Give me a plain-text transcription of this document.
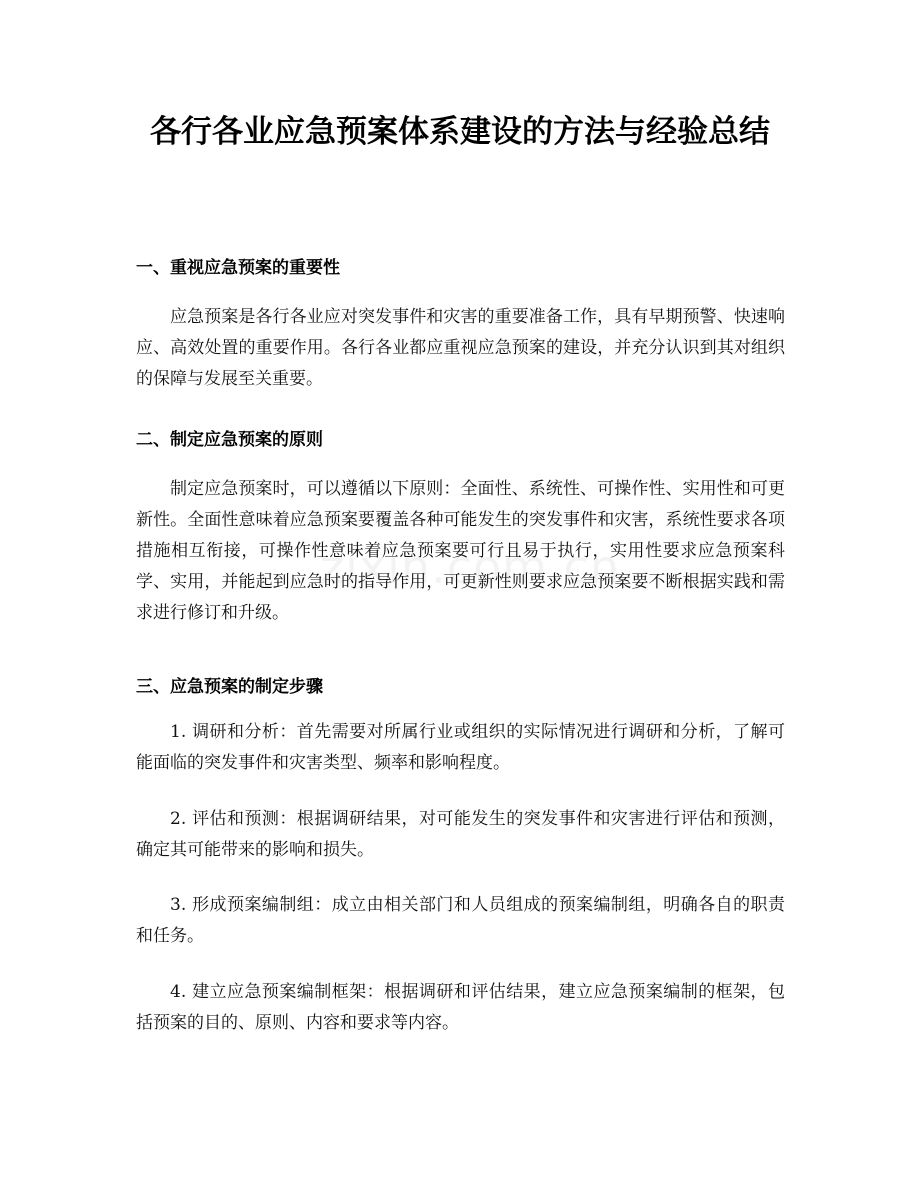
各行各业应急预案体系建设的方法与经验总结
一、重视应急预案的重要性

应急预案是各行各业应对突发事件和灾害的重要准备工作，具有早期预警、快速响应、高效处置的重要作用。各行各业都应重视应急预案的建设，并充分认识到其对组织的保障与发展至关重要。

二、制定应急预案的原则

制定应急预案时，可以遵循以下原则：全面性、系统性、可操作性、实用性和可更新性。全面性意味着应急预案要覆盖各种可能发生的突发事件和灾害，系统性要求各项措施相互衔接，可操作性意味着应急预案要可行且易于执行，实用性要求应急预案科学、实用，并能起到应急时的指导作用，可更新性则要求应急预案要不断根据实践和需求进行修订和升级。

三、应急预案的制定步骤

1. 调研和分析：首先需要对所属行业或组织的实际情况进行调研和分析，了解可能面临的突发事件和灾害类型、频率和影响程度。

2. 评估和预测：根据调研结果，对可能发生的突发事件和灾害进行评估和预测，确定其可能带来的影响和损失。

3. 形成预案编制组：成立由相关部门和人员组成的预案编制组，明确各自的职责和任务。

4. 建立应急预案编制框架：根据调研和评估结果，建立应急预案编制的框架，包括预案的目的、原则、内容和要求等内容。
